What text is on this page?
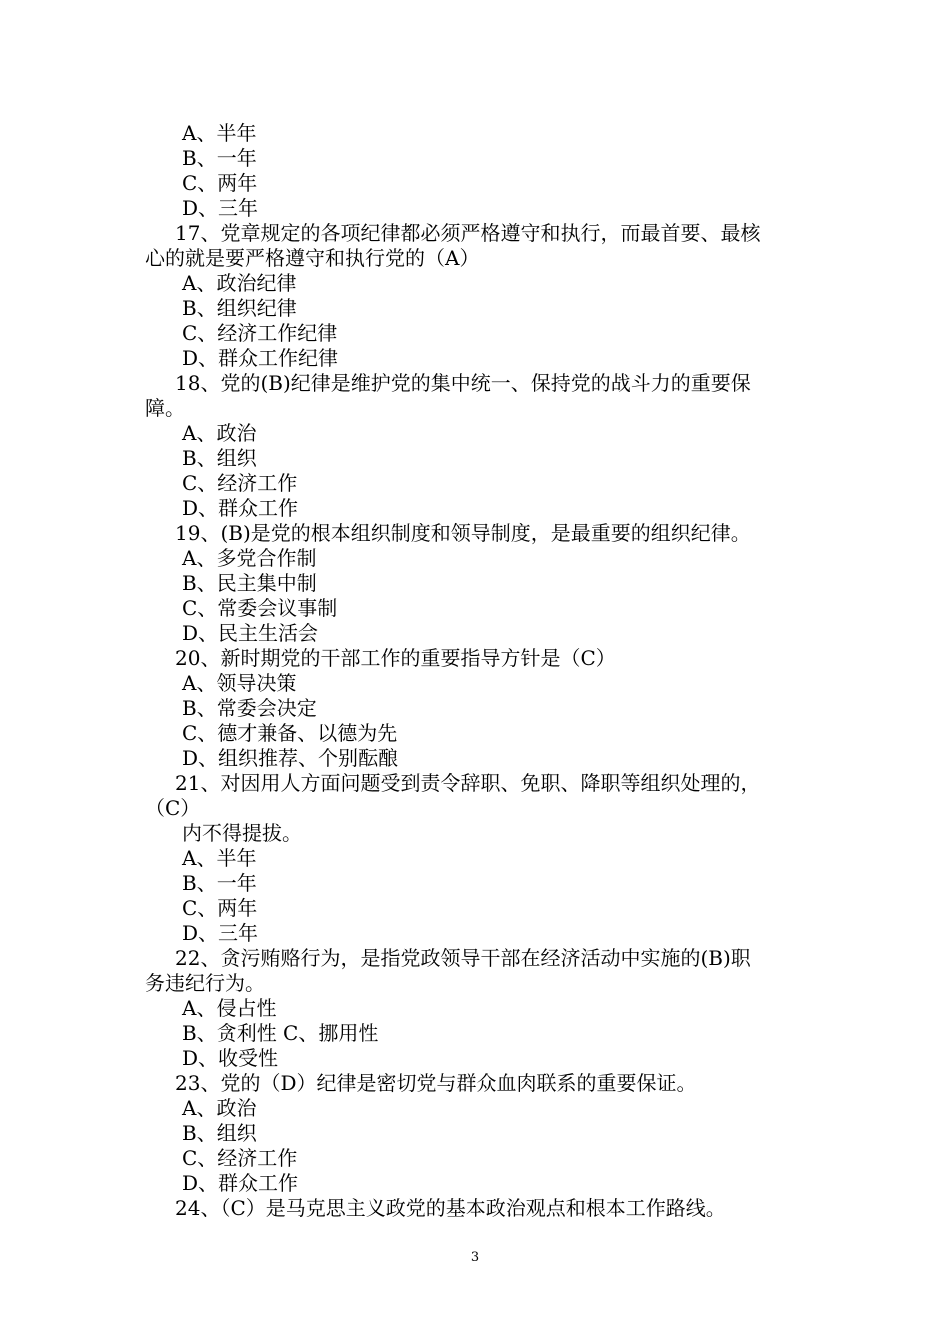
A、半年
B、一年
C、两年
D、三年
17、党章规定的各项纪律都必须严格遵守和执行，而最首要、最核
心的就是要严格遵守和执行党的（A）
A、政治纪律
B、组织纪律
C、经济工作纪律
D、群众工作纪律
18、党的(B)纪律是维护党的集中统一、保持党的战斗力的重要保
障。
A、政治
B、组织
C、经济工作
D、群众工作
19、(B)是党的根本组织制度和领导制度，是最重要的组织纪律。
A、多党合作制
B、民主集中制
C、常委会议事制
D、民主生活会
20、新时期党的干部工作的重要指导方针是（C）
A、领导决策
B、常委会决定
C、德才兼备、以德为先
D、组织推荐、个别酝酿
21、对因用人方面问题受到责令辞职、免职、降职等组织处理的，
（C）
内不得提拔。
A、半年
B、一年
C、两年
D、三年
22、贪污贿赂行为，是指党政领导干部在经济活动中实施的(B)职
务违纪行为。
A、侵占性
B、贪利性 C、挪用性
D、收受性
23、党的（D）纪律是密切党与群众血肉联系的重要保证。
A、政治
B、组织
C、经济工作
D、群众工作
24、（C）是马克思主义政党的基本政治观点和根本工作路线。
3
